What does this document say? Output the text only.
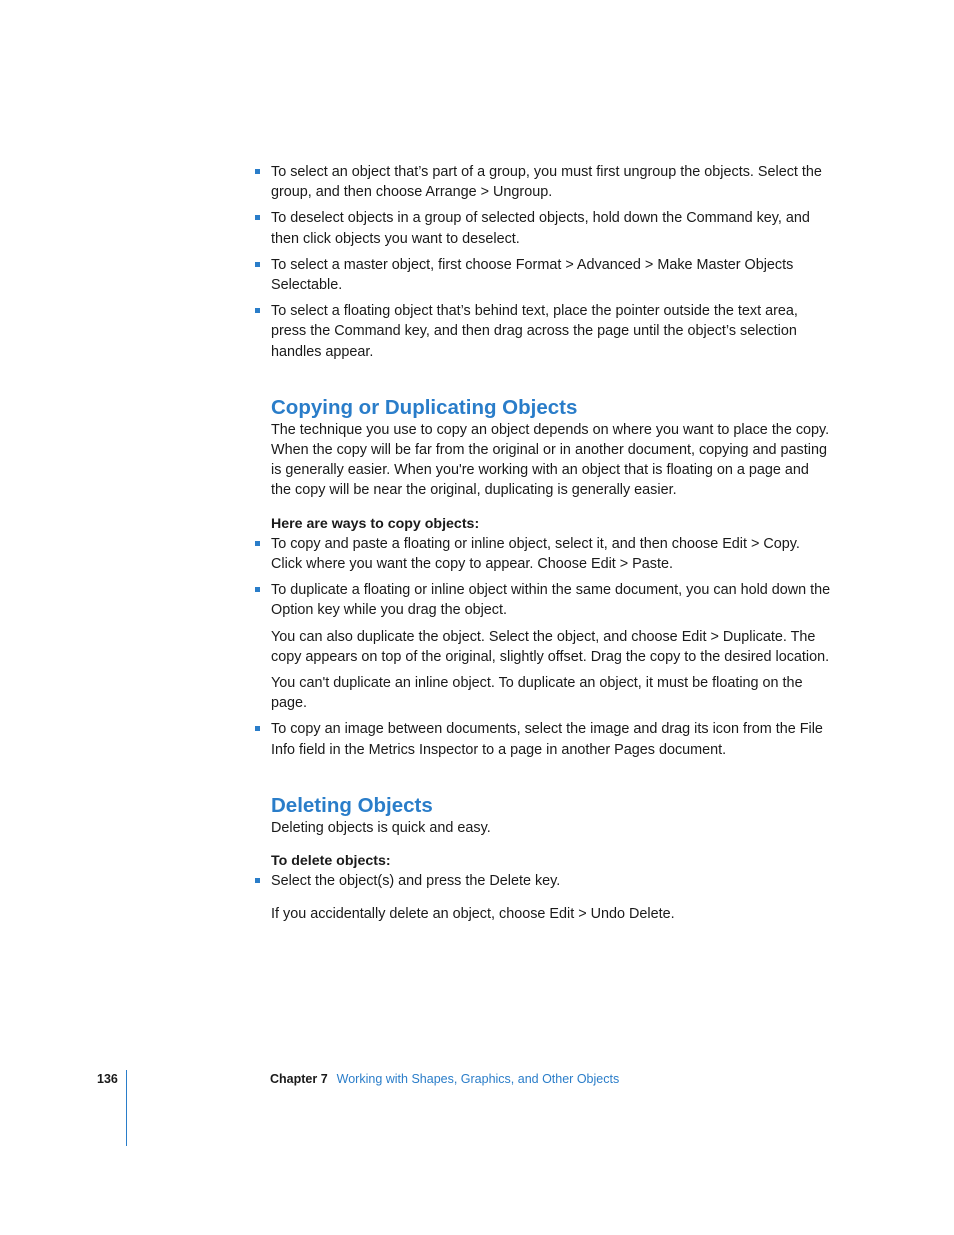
To select an object that’s part of a group, you must first ungroup the objects. Select the group, and then choose Arrange > Ungroup.
To deselect objects in a group of selected objects, hold down the Command key, and then click objects you want to deselect.
To select a master object, first choose Format > Advanced > Make Master Objects Selectable.
To select a floating object that’s behind text, place the pointer outside the text area, press the Command key, and then drag across the page until the object’s selection handles appear.
Copying or Duplicating Objects

The technique you use to copy an object depends on where you want to place the copy. When the copy will be far from the original or in another document, copying and pasting is generally easier. When you're working with an object that is floating on a page and the copy will be near the original, duplicating is generally easier.

Here are ways to copy objects:

To copy and paste a floating or inline object, select it, and then choose Edit > Copy. Click where you want the copy to appear. Choose Edit > Paste.
To duplicate a floating or inline object within the same document, you can hold down the Option key while you drag the object.

You can also duplicate the object. Select the object, and choose Edit > Duplicate. The copy appears on top of the original, slightly offset. Drag the copy to the desired location.

You can't duplicate an inline object. To duplicate an object, it must be floating on the page.

To copy an image between documents, select the image and drag its icon from the File Info field in the Metrics Inspector to a page in another Pages document.
Deleting Objects

Deleting objects is quick and easy.

To delete objects:

Select the object(s) and press the Delete key.

If you accidentally delete an object, choose Edit > Undo Delete.

136	Chapter 7 Working with Shapes, Graphics, and Other Objects
